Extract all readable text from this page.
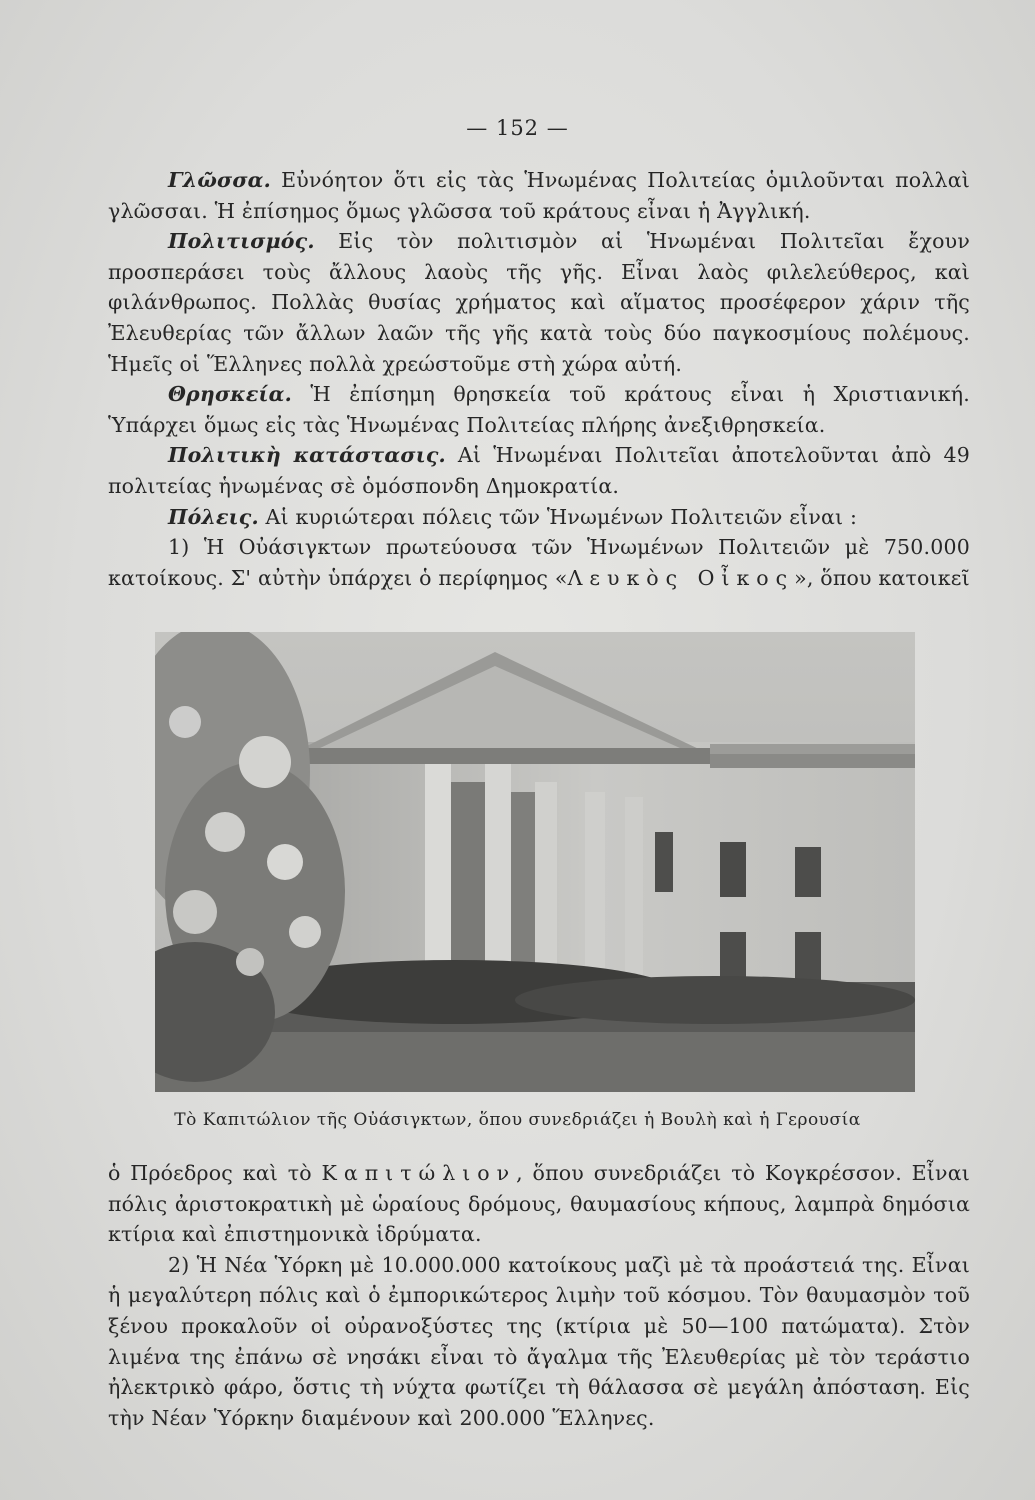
— 152 —

Γλῶσσα. Εὐνόητον ὅτι εἰς τὰς Ἡνωμένας Πολιτείας ὁμιλοῦνται πολλαὶ γλῶσσαι. Ἡ ἐπίσημος ὅμως γλῶσσα τοῦ κράτους εἶναι ἡ Ἀγγλική.

Πολιτισμός. Εἰς τὸν πολιτισμὸν αἱ Ἡνωμέναι Πολιτεῖαι ἔχουν προσπεράσει τοὺς ἄλλους λαοὺς τῆς γῆς. Εἶναι λαὸς φιλελεύθερος, καὶ φιλάνθρωπος. Πολλὰς θυσίας χρήματος καὶ αἵματος προσέφερον χάριν τῆς Ἐλευθερίας τῶν ἄλλων λαῶν τῆς γῆς κατὰ τοὺς δύο παγκοσμίους πολέμους. Ἡμεῖς οἱ Ἕλληνες πολλὰ χρεώστοῦμε στὴ χώρα αὐτή.

Θρησκεία. Ἡ ἐπίσημη θρησκεία τοῦ κράτους εἶναι ἡ Χριστιανική. Ὑπάρχει ὅμως εἰς τὰς Ἡνωμένας Πολιτείας πλήρης ἀνεξιθρησκεία.

Πολιτικὴ κατάστασις. Αἱ Ἡνωμέναι Πολιτεῖαι ἀποτελοῦνται ἀπὸ 49 πολιτείας ἡνωμένας σὲ ὁμόσπονδη Δημοκρατία.

Πόλεις. Αἱ κυριώτεραι πόλεις τῶν Ἡνωμένων Πολιτειῶν εἶναι :

1) Ἡ Οὐάσιγκτων πρωτεύουσα τῶν Ἡνωμένων Πολιτειῶν μὲ 750.000 κατοίκους. Σ' αὐτὴν ὑπάρχει ὁ περίφημος «Λευκὸς Οἶκος», ὅπου κατοικεῖ

Τὸ Καπιτώλιον τῆς Οὐάσιγκτων, ὅπου συνεδριάζει ἡ Βουλὴ καὶ ἡ Γερουσία

ὁ Πρόεδρος καὶ τὸ Καπιτώλιον, ὅπου συνεδριάζει τὸ Κογκρέσσον. Εἶναι πόλις ἀριστοκρατικὴ μὲ ὡραίους δρόμους, θαυμασίους κήπους, λαμπρὰ δημόσια κτίρια καὶ ἐπιστημονικὰ ἱδρύματα.

2) Ἡ Νέα Ὑόρκη μὲ 10.000.000 κατοίκους μαζὶ μὲ τὰ προάστειά της. Εἶναι ἡ μεγαλύτερη πόλις καὶ ὁ ἐμπορικώτερος λιμὴν τοῦ κόσμου. Τὸν θαυμασμὸν τοῦ ξένου προκαλοῦν οἱ οὐρανοξύστες της (κτίρια μὲ 50—100 πατώματα). Στὸν λιμένα της ἐπάνω σὲ νησάκι εἶναι τὸ ἄγαλμα τῆς Ἐλευθερίας μὲ τὸν τεράστιο ἠλεκτρικὸ φάρο, ὅστις τὴ νύχτα φωτίζει τὴ θάλασσα σὲ μεγάλη ἀπόσταση. Εἰς τὴν Νέαν Ὑόρκην διαμένουν καὶ 200.000 Ἕλληνες.
